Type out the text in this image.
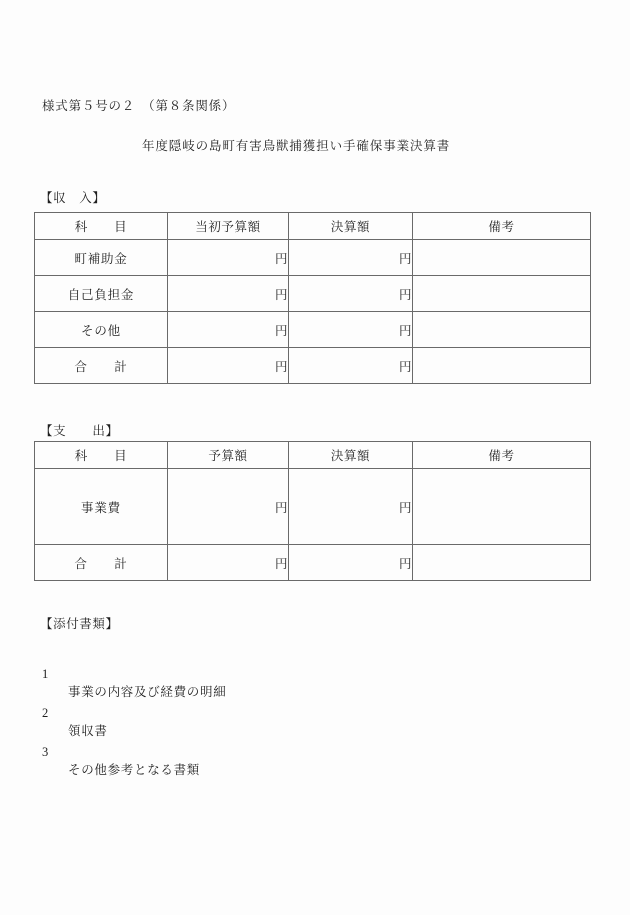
様式第５号の２　（第８条関係）
年度隠岐の島町有害鳥獣捕獲担い手確保事業決算書
【収　入】
科　　目	当初予算額	決算額	備考
町補助金	円	円	
自己負担金	円	円	
その他	円	円	
合　　計	円	円	
【支　　出】
科　　目	予算額	決算額	備考
事業費	円	円	
合　　計	円	円	
【添付書類】

1

事業の内容及び経費の明細

2

領収書

3

その他参考となる書類
